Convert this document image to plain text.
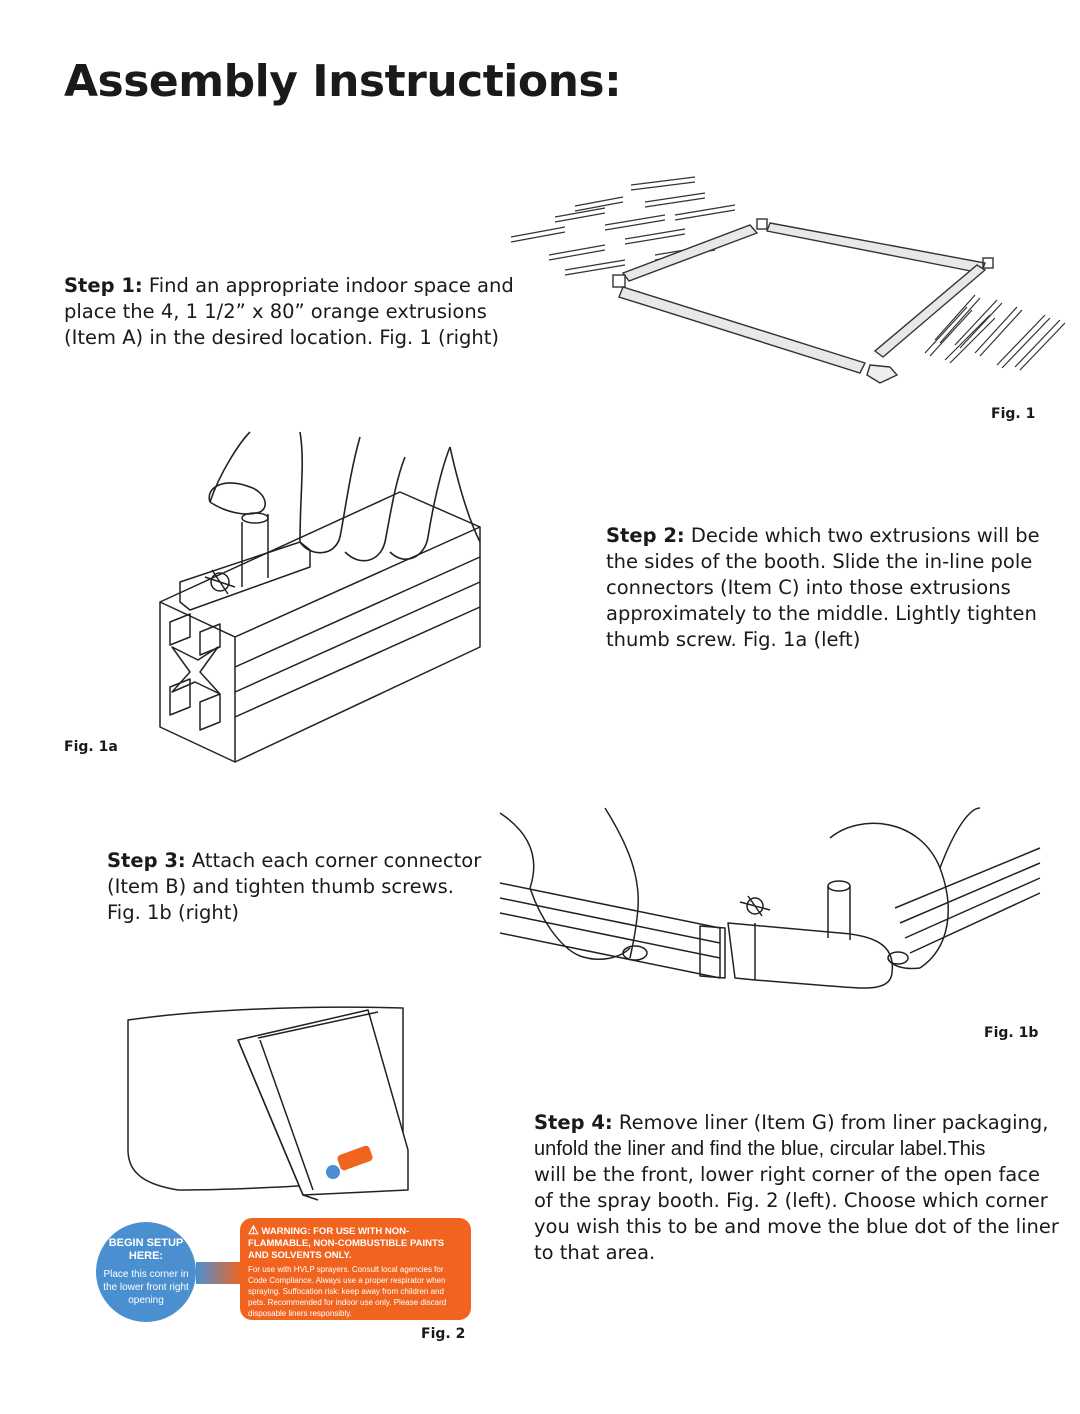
Assembly Instructions:

Step 1: Find an appropriate indoor space and
place the 4, 1 1/2” x 80” orange extrusions
(Item A) in the desired location. Fig. 1 (right)

Step 2: Decide which two extrusions will be
the sides of the booth. Slide the in-line pole
connectors (Item C) into those extrusions
approximately to the middle. Lightly tighten
thumb screw. Fig. 1a (left)

Step 3: Attach each corner connector
(Item B) and tighten thumb screws.
Fig. 1b (right)

Step 4: Remove liner (Item G) from liner packaging,
unfold the liner and find the blue, circular label.This
will be the front, lower right corner of the open face
of the spray booth. Fig. 2 (left). Choose which corner
you wish this to be and move the blue dot of the liner
to that area.

Fig. 1
Fig. 1a
Fig. 1b
Fig. 2
BEGIN SETUP HERE:
Place this corner in the lower front right opening
⚠ WARNING: FOR USE WITH NON-FLAMMABLE, NON-COMBUSTIBLE PAINTS AND SOLVENTS ONLY.
For use with HVLP sprayers. Consult local agencies for Code Compliance. Always use a proper respirator when spraying. Suffocation risk: keep away from children and pets. Recommended for indoor use only. Please discard disposable liners responsibly.
